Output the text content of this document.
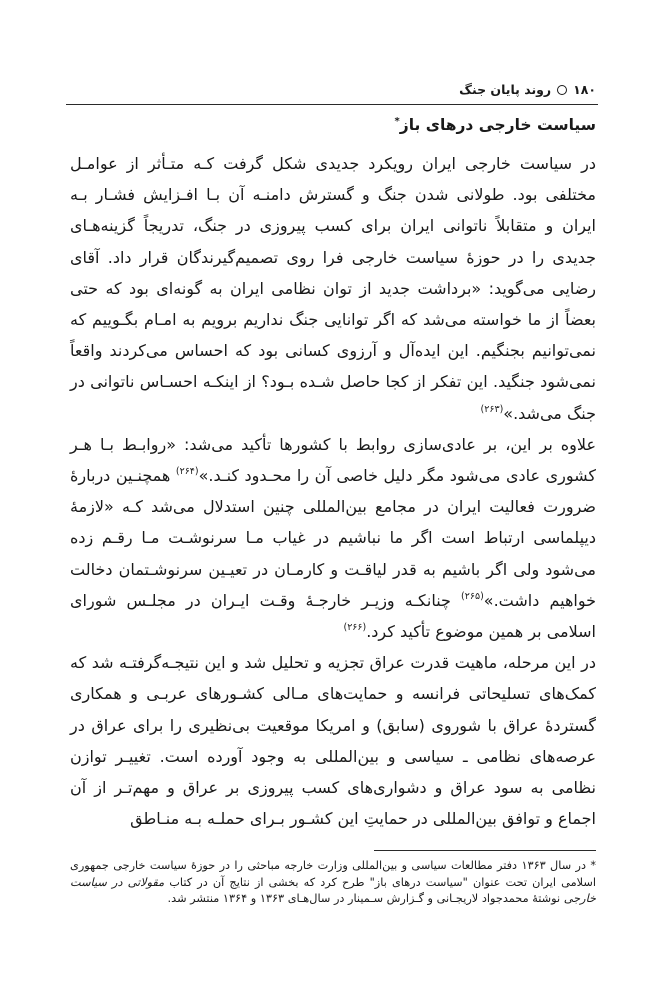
۱۸۰
روند پایان جنگ
سیاست خارجی درهای باز*

در سیاست خارجی ایران رویکرد جدیدی شکل گرفت کـه متـأثر از عوامـل مختلفی بود. طولانی شدن جنگ و گسترش دامنـه آن بـا افـزایش فشـار بـه ایران و متقابلاً ناتوانی ایران برای کسب پیروزی در جنگ، تدریجاً گزینه‌هـای جدیدی را در حوزۀ سیاست خارجی فرا روی تصمیم‌گیرندگان قرار داد. آقای رضایی می‌گوید: «برداشت جدید از توان نظامی ایران به گونه‌ای بود که حتی بعضاً از ما خواسته می‌شد که اگر توانایی جنگ نداریم برویم به امـام بگـوییم که نمی‌توانیم بجنگیم. این ایده‌آل و آرزوی کسانی بود که احساس می‌کردند واقعاً نمی‌شود جنگید. این تفکر از کجا حاصل شـده بـود؟ از اینکـه احسـاس ناتوانی در جنگ می‌شد.»$^{(۲۶۳)}$

علاوه بر این، بر عادی‌سازی روابط با کشورها تأکید می‌شد: «روابـط بـا هـر کشوری عادی می‌شود مگر دلیل خاصی آن را محـدود کنـد.»$^{(۲۶۴)}$ همچنـین دربارۀ ضرورت فعالیت ایران در مجامع بین‌المللی چنین استدلال می‌شد کـه «لازمۀ دیپلماسی ارتباط است اگر ما نباشیم در غیاب مـا سرنوشـت مـا رقـم زده می‌شود ولی اگر باشیم به قدر لیاقـت و کارمـان در تعیـین سرنوشـتمان دخالت خواهیم داشت.»$^{(۲۶۵)}$ چنانکـه وزیـر خارجـۀ وقـت ایـران در مجلـس شورای اسلامی بر همین موضوع تأکید کرد.$^{(۲۶۶)}$

در این مرحله، ماهیت قدرت عراق تجزیه و تحلیل شد و این نتیجـه‌گرفتـه شد که کمک‌های تسلیحاتی فرانسه و حمایت‌های مـالی کشـورهای عربـی و همکاری گستردۀ عراق با شوروی (سابق) و امریکا موقعیت بی‌نظیری را برای عراق در عرصه‌های نظامی ـ سیاسی و بین‌المللی به وجود آورده است. تغییـر توازن نظامی به سود عراق و دشواری‌های کسب پیروزی بر عراق و مهم‌تـر از آن اجماع و توافق بین‌المللی در حمایتِ این کشـور بـرای حملـه بـه منـاطق

* در سال ۱۳۶۳ دفتر مطالعات سیاسی و بین‌المللی وزارت خارجه مباحثی را در حوزۀ سیاست خارجی جمهوری اسلامی ایران تحت عنوان "سیاست درهای باز" طرح کرد که بخشی از نتایج آن در کتاب مقولاتی در سیاست خارجی نوشتۀ محمدجواد لاریجـانی و گـزارش سـمینار در سال‌هـای ۱۳۶۳ و ۱۳۶۴ منتشر شد.
